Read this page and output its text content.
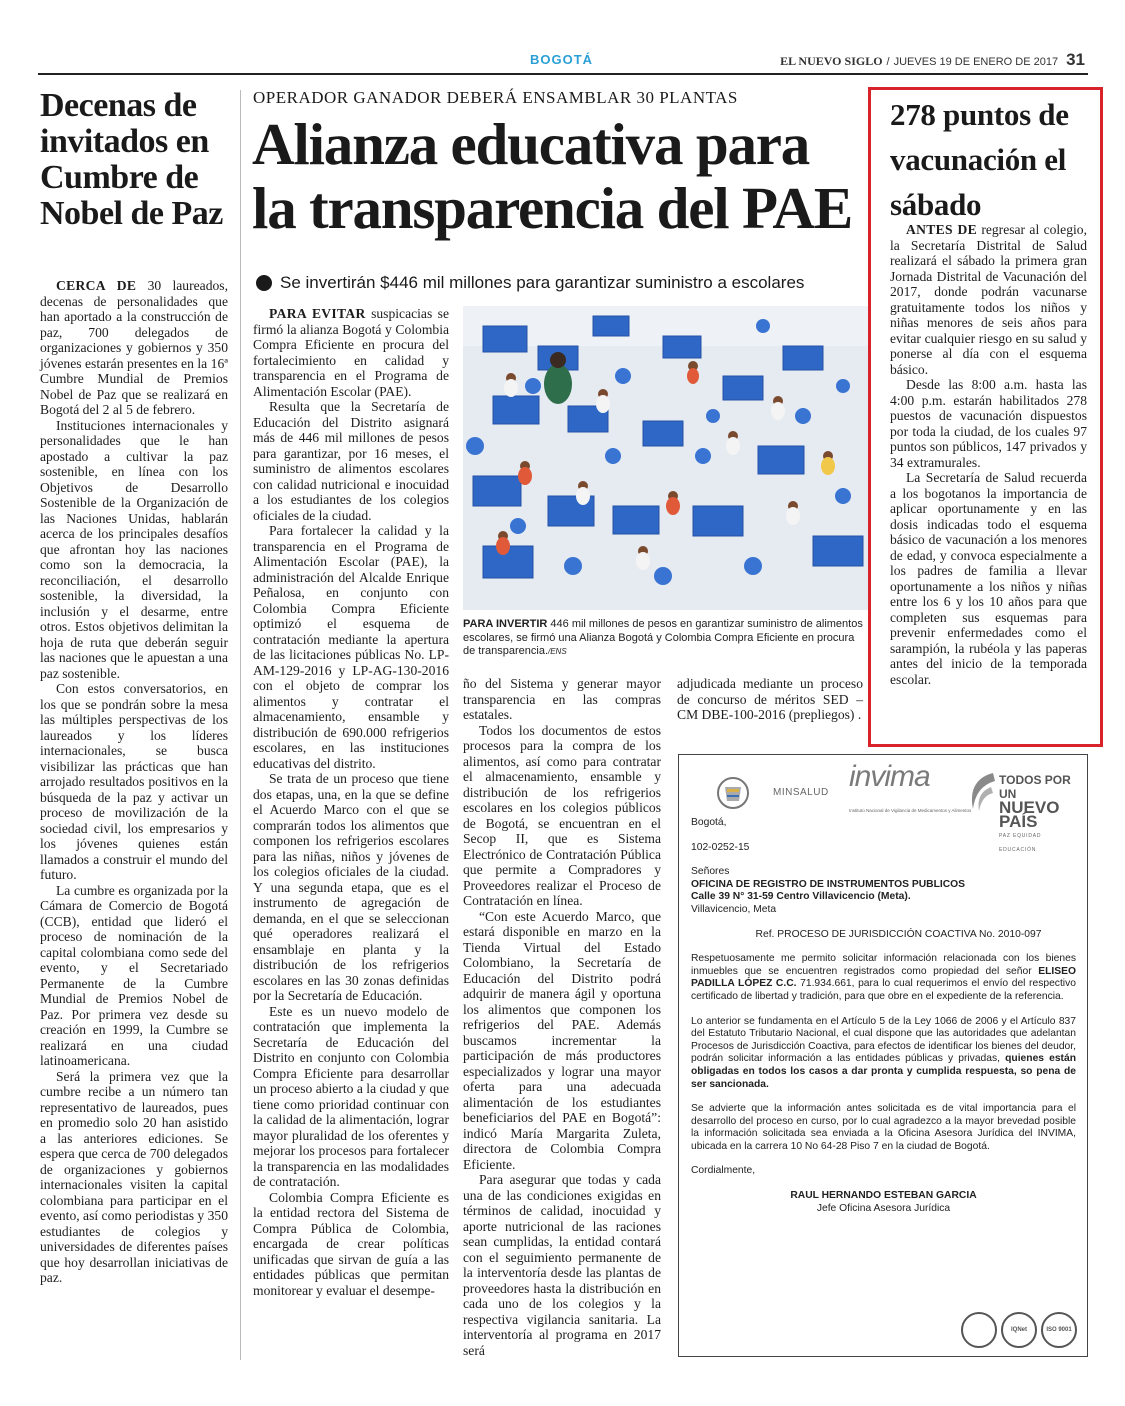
BOGOTÁ	EL NUEVO SIGLO / JUEVES 19 DE ENERO DE 2017 31
Decenas de invitados en Cumbre de Nobel de Paz

CERCA DE 30 laureados, decenas de personalidades que han aportado a la construcción de paz, 700 delegados de organizaciones y gobiernos y 350 jóvenes estarán presentes en la 16ª Cumbre Mundial de Premios Nobel de Paz que se realizará en Bogotá del 2 al 5 de febrero.

Instituciones internacionales y personalidades que le han apostado a cultivar la paz sostenible, en línea con los Objetivos de Desarrollo Sostenible de la Organización de las Naciones Unidas, hablarán acerca de los principales desafíos que afrontan hoy las naciones como son la democracia, la reconciliación, el desarrollo sostenible, la diversidad, la inclusión y el desarme, entre otros. Estos objetivos delimitan la hoja de ruta que deberán seguir las naciones que le apuestan a una paz sostenible.

Con estos conversatorios, en los que se pondrán sobre la mesa las múltiples perspectivas de los laureados y los líderes internacionales, se busca visibilizar las prácticas que han arrojado resultados positivos en la búsqueda de la paz y activar un proceso de movilización de la sociedad civil, los empresarios y los jóvenes quienes están llamados a construir el mundo del futuro.

La cumbre es organizada por la Cámara de Comercio de Bogotá (CCB), entidad que lideró el proceso de nominación de la capital colombiana como sede del evento, y el Secretariado Permanente de la Cumbre Mundial de Premios Nobel de Paz. Por primera vez desde su creación en 1999, la Cumbre se realizará en una ciudad latinoamericana.

Será la primera vez que la cumbre recibe a un número tan representativo de laureados, pues en promedio solo 20 han asistido a las anteriores ediciones. Se espera que cerca de 700 delegados de organizaciones y gobiernos internacionales visiten la capital colombiana para participar en el evento, así como periodistas y 350 estudiantes de colegios y universidades de diferentes países que hoy desarrollan iniciativas de paz.

OPERADOR GANADOR DEBERÁ ENSAMBLAR 30 PLANTAS
Alianza educativa para la transparencia del PAE
Se invertirán $446 mil millones para garantizar suministro a escolares

PARA EVITAR suspicacias se firmó la alianza Bogotá y Colombia Compra Eficiente en procura del fortalecimiento en calidad y transparencia en el Programa de Alimentación Escolar (PAE).

Resulta que la Secretaría de Educación del Distrito asignará más de 446 mil millones de pesos para garantizar, por 16 meses, el suministro de alimentos escolares con calidad nutricional e inocuidad a los estudiantes de los colegios oficiales de la ciudad.

Para fortalecer la calidad y la transparencia en el Programa de Alimentación Escolar (PAE), la administración del Alcalde Enrique Peñalosa, en conjunto con Colombia Compra Eficiente optimizó el esquema de contratación mediante la apertura de las licitaciones públicas No. LP-AM-129-2016 y LP-AG-130-2016 con el objeto de comprar los alimentos y contratar el almacenamiento, ensamble y distribución de 690.000 refrigerios escolares, en las instituciones educativas del distrito.

Se trata de un proceso que tiene dos etapas, una, en la que se define el Acuerdo Marco con el que se comprarán todos los alimentos que componen los refrigerios escolares para las niñas, niños y jóvenes de los colegios oficiales de la ciudad. Y una segunda etapa, que es el instrumento de agregación de demanda, en el que se seleccionan qué operadores realizará el ensamblaje en planta y la distribución de los refrigerios escolares en las 30 zonas definidas por la Secretaría de Educación.

Este es un nuevo modelo de contratación que implementa la Secretaría de Educación del Distrito en conjunto con Colombia Compra Eficiente para desarrollar un proceso abierto a la ciudad y que tiene como prioridad continuar con la calidad de la alimentación, lograr mayor pluralidad de los oferentes y mejorar los procesos para fortalecer la transparencia en las modalidades de contratación.

Colombia Compra Eficiente es la entidad rectora del Sistema de Compra Pública de Colombia, encargada de crear políticas unificadas que sirvan de guía a las entidades públicas que permitan monitorear y evaluar el desempe-

PARA INVERTIR 446 mil millones de pesos en garantizar suministro de alimentos escolares, se firmó una Alianza Bogotá y Colombia Compra Eficiente en procura de transparencia./ENS

ño del Sistema y generar mayor transparencia en las compras estatales.

Todos los documentos de estos procesos para la compra de los alimentos, así como para contratar el almacenamiento, ensamble y distribución de los refrigerios escolares en los colegios públicos de Bogotá, se encuentran en el Secop II, que es Sistema Electrónico de Contratación Pública que permite a Compradores y Proveedores realizar el Proceso de Contratación en línea.

“Con este Acuerdo Marco, que estará disponible en marzo en la Tienda Virtual del Estado Colombiano, la Secretaría de Educación del Distrito podrá adquirir de manera ágil y oportuna los alimentos que componen los refrigerios del PAE. Además buscamos incrementar la participación de más productores especializados y lograr una mayor oferta para una adecuada alimentación de los estudiantes beneficiarios del PAE en Bogotá”: indicó María Margarita Zuleta, directora de Colombia Compra Eficiente.

Para asegurar que todas y cada una de las condiciones exigidas en términos de calidad, inocuidad y aporte nutricional de las raciones sean cumplidas, la entidad contará con el seguimiento permanente de la interventoría desde las plantas de proveedores hasta la distribución en cada uno de los colegios y la respectiva vigilancia sanitaria. La interventoría al programa en 2017 será

adjudicada mediante un proceso de concurso de méritos SED – CM DBE-100-2016 (prepliegos) .

278 puntos de vacunación el sábado

ANTES DE regresar al colegio, la Secretaría Distrital de Salud realizará el sábado la primera gran Jornada Distrital de Vacunación del 2017, donde podrán vacunarse gratuitamente todos los niños y niñas menores de seis años para evitar cualquier riesgo en su salud y ponerse al día con el esquema básico.

Desde las 8:00 a.m. hasta las 4:00 p.m. estarán habilitados 278 puestos de vacunación dispuestos por toda la ciudad, de los cuales 97 puntos son públicos, 147 privados y 34 extramurales.

La Secretaría de Salud recuerda a los bogotanos la importancia de aplicar oportunamente y en las dosis indicadas todo el esquema básico de vacunación a los menores de edad, y convoca especialmente a los padres de familia a llevar oportunamente a los niños y niñas entre los 6 y los 10 años para que completen sus esquemas para prevenir enfermedades como el sarampión, la rubéola y las paperas antes del inicio de la temporada escolar.

MINSALUD invima
Instituto Nacional de Vigilancia de Medicamentos y Alimentos
TODOS POR UN
NUEVO PAÍS
PAZ EQUIDAD EDUCACIÓN
Bogotá,
102-0252-15
Señores
OFICINA DE REGISTRO DE INSTRUMENTOS PUBLICOS
Calle 39 N° 31-59 Centro Villavicencio (Meta).
Villavicencio, Meta
Ref. PROCESO DE JURISDICCIÓN COACTIVA No. 2010-097
Respetuosamente me permito solicitar información relacionada con los bienes inmuebles que se encuentren registrados como propiedad del señor ELISEO PADILLA LÓPEZ C.C. 71.934.661, para lo cual requerimos el envío del respectivo certificado de libertad y tradición, para que obre en el expediente de la referencia.
Lo anterior se fundamenta en el Artículo 5 de la Ley 1066 de 2006 y el Artículo 837 del Estatuto Tributario Nacional, el cual dispone que las autoridades que adelantan Procesos de Jurisdicción Coactiva, para efectos de identificar los bienes del deudor, podrán solicitar información a las entidades públicas y privadas, quienes están obligadas en todos los casos a dar pronta y cumplida respuesta, so pena de ser sancionada.
Se advierte que la información antes solicitada es de vital importancia para el desarrollo del proceso en curso, por lo cual agradezco a la mayor brevedad posible la información solicitada sea enviada a la Oficina Asesora Jurídica del INVIMA, ubicada en la carrera 10 No 64-28 Piso 7 en la ciudad de Bogotá.
Cordialmente,
RAUL HERNANDO ESTEBAN GARCIA
Jefe Oficina Asesora Jurídica
IQNet	ISO 9001
